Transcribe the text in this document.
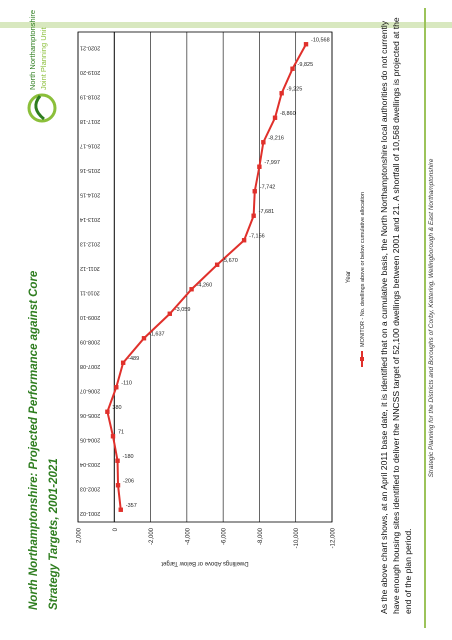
North Northamptonshire: Projected Performance against Core Strategy Targets, 2001-2021
North Northamptonshire Joint Planning Unit
2,000	0	-2,000	-4,000	-6,000	-8,000	-10,000	-12,000
Dwellings Above or Below Target
2001-02
2002-03
2003-04
2004-05
2005-06
2006-07
2007-08
2008-09
2009-10
2010-11
2011-12
2012-13
2013-14
2014-15
2015-16
2016-17
2017-18
2018-19
2019-20
2020-21
Year
-357
-206
-180
71
380
-110
-489
-1,637
-3,059
-4,260
-5,670
-7,156
-7,681
-7,742
-7,997
-8,216
-8,860
-9,225
-9,825
-10,568
MONITOR - No. dwellings above or below cumulative allocation As the above chart shows, at an April 2011 base date, it is identified that on a cumulative basis, the North Northamptonshire local authorities do not currently have enough housing sites identified to deliver the NNCSS target of 52,100 dwellings between 2001 and 21. A shortfall of 10,568 dwellings is projected at the end of the plan period.
Strategic Planning for the Districts and Boroughs of Corby, Kettering, Wellingborough & East Northamptonshire
